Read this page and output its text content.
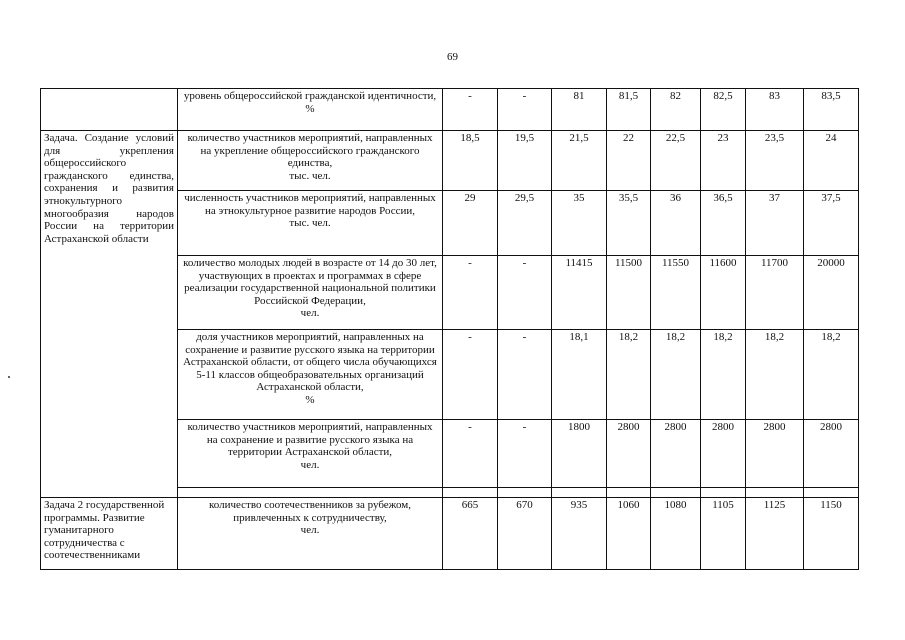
69
	уровень общероссийской гражданской идентичности,
%	-	-	81	81,5	82	82,5	83	83,5
Задача. Создание условий для укрепления общероссийского гражданского единства, сохранения и развития этнокультурного многообразия народов России на территории Астраханской области	количество участников мероприятий, направленных на укрепление общероссийского гражданского единства,
тыс. чел.	18,5	19,5	21,5	22	22,5	23	23,5	24
	численность участников мероприятий, направленных на этнокультурное развитие народов России,
тыс. чел.	29	29,5	35	35,5	36	36,5	37	37,5
	количество молодых людей в возрасте от 14 до 30 лет, участвующих в проектах и программах в сфере реализации государственной национальной политики Российской Федерации,
чел.	-	-	11415	11500	11550	11600	11700	20000
	доля участников мероприятий, направленных на сохранение и развитие русского языка на территории Астраханской области, от общего числа обучающихся 5-11 классов общеобразовательных организаций Астраханской области,
%	-	-	18,1	18,2	18,2	18,2	18,2	18,2
	количество участников мероприятий, направленных на сохранение и развитие русского языка на территории Астраханской области,
чел.	-	-	1800	2800	2800	2800	2800	2800

Задача 2 государственной программы. Развитие гуманитарного сотрудничества с соотечественниками	количество соотечественников за рубежом, привлеченных к сотрудничеству,
чел.	665	670	935	1060	1080	1105	1125	1150
